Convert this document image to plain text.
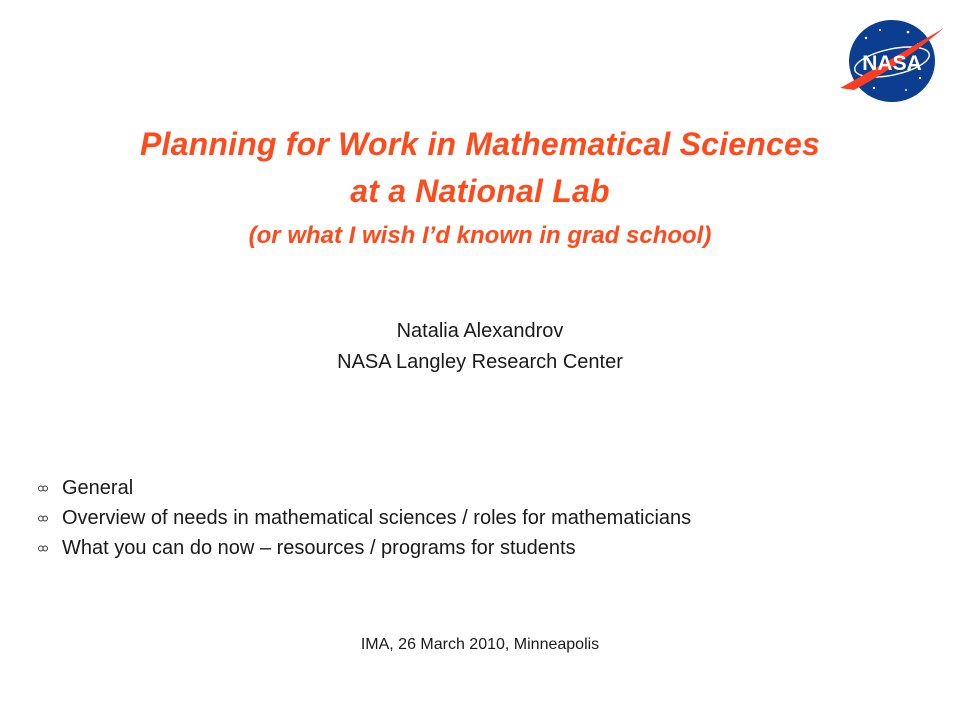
NASA
Planning for Work in Mathematical Sciences
at a National Lab
(or what I wish I’d known in grad school)
Natalia Alexandrov
NASA Langley Research Center
General
Overview of needs in mathematical sciences / roles for mathematicians
What you can do now – resources / programs for students
IMA, 26 March 2010, Minneapolis
